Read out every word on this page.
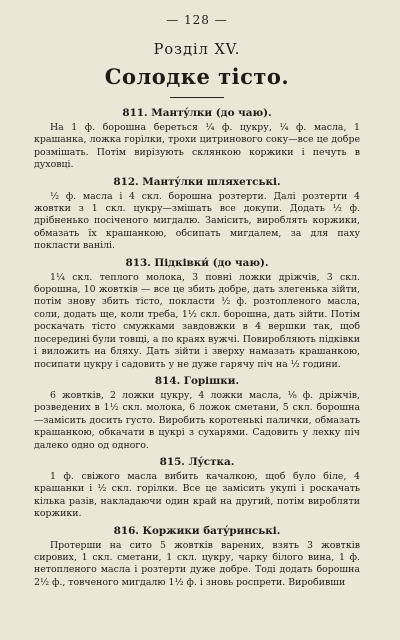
— 128 —
Розділ XV.
Солодке тісто.
811. Мантýлки (до чаю).

На 1 ф. борошна береться ¼ ф. цукру, ¼ ф. масла, 1 крашанка, ложка горілки, трохи цитринового соку—все це добре розмішать. Потім вирізують склянкою коржики і печуть в духовці.

812. Мантýлки шляхетські.

½ ф. масла і 4 скл. борошна розтерти. Далі розтерти 4 жовтки з 1 скл. цукру—змішать все докупи. Додать ½ ф. дрібненько посіченого мигдалю. Замісить, вироблять коржики, обмазать їх крашанкою, обсипать мигдалем, за для паху покласти ванілі.

813. Підківки́ (до чаю).

1¼ скл. теплого молока, 3 повні ложки дріжчів, 3 скл. борошна, 10 жовтків — все це збить добре, дать злегенька зійти, потім знову збить тісто, покласти ½ ф. розтопленого масла, соли, додать ще, коли треба, 1½ скл. борошна, дать зійти. Потім роскачать тісто смужками завдовжки в 4 вершки так, щоб посередині були товщі, а по краях вужчі. Повиробляють підківки і виложить на бляху. Дать зійти і зверху намазать крашанкою, посипати цукру і садовить у не дуже гарячу піч на ½ години.

814. Горішки.

6 жовтків, 2 ложки цукру, 4 ложки масла, ⅛ ф. дріжчів, розведених в 1½ скл. молока, 6 ложок сметани, 5 скл. борошна—замісить досить густо. Виробить коротенькі палички, обмазать крашанкою, обкачати в цукрі з сухарями. Садовить у лехку піч далеко одно од одного.

815. Лýстка.

1 ф. свіжого масла вибить качалкою, щоб було біле, 4 крашанки і ½ скл. горілки. Все це замісить укупі і роскачать кілька разів, накладаючи один край на другий, потім виробляти коржики.

816. Коржики батýринські.

Протерши на сито 5 жовтків варених, взять 3 жовтків сирових, 1 скл. сметани, 1 скл. цукру, чарку білого вина, 1 ф. нетопленого масла і розтерти дуже добре. Тоді додать борошна 2½ ф., товченого мигдалю 1½ ф. і зновь роспрети. Виробивши
